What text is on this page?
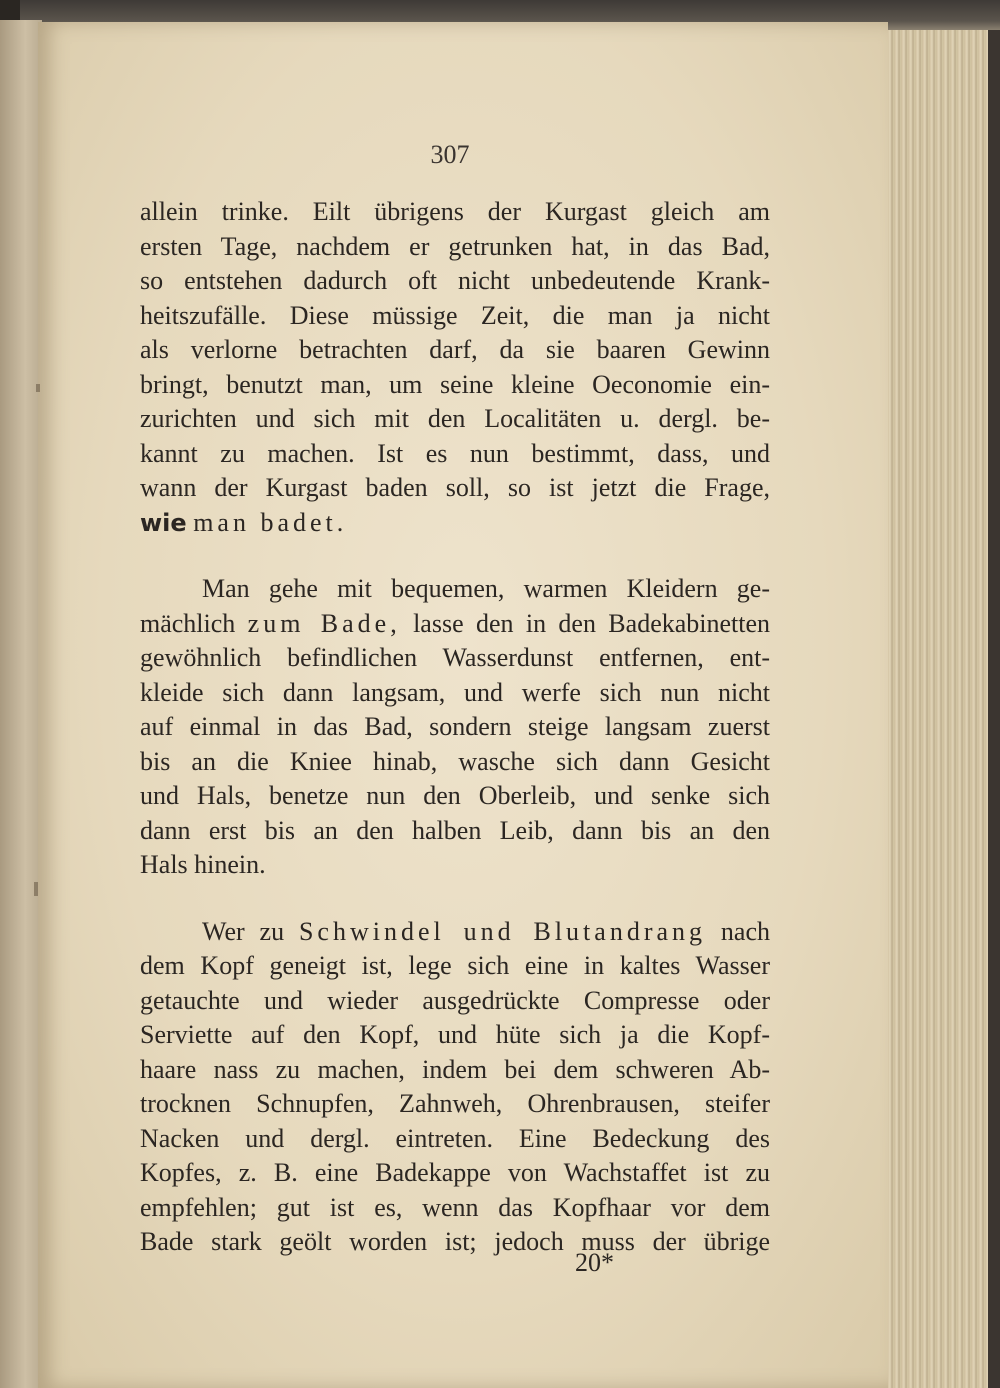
307
allein trinke. Eilt übrigens der Kurgast gleich am
ersten Tage, nachdem er getrunken hat, in das Bad,
so entstehen dadurch oft nicht unbedeutende Krank-
heitszufälle. Diese müssige Zeit, die man ja nicht
als verlorne betrachten darf, da sie baaren Gewinn
bringt, benutzt man, um seine kleine Oeconomie ein-
zurichten und sich mit den Localitäten u. dergl. be-
kannt zu machen. Ist es nun bestimmt, dass, und
wann der Kurgast baden soll, so ist jetzt die Frage,
wie man badet.
Man gehe mit bequemen, warmen Kleidern ge-
mächlich zum Bade, lasse den in den Badekabinetten
gewöhnlich befindlichen Wasserdunst entfernen, ent-
kleide sich dann langsam, und werfe sich nun nicht
auf einmal in das Bad, sondern steige langsam zuerst
bis an die Kniee hinab, wasche sich dann Gesicht
und Hals, benetze nun den Oberleib, und senke sich
dann erst bis an den halben Leib, dann bis an den
Hals hinein.
Wer zu Schwindel und Blutandrang nach
dem Kopf geneigt ist, lege sich eine in kaltes Wasser
getauchte und wieder ausgedrückte Compresse oder
Serviette auf den Kopf, und hüte sich ja die Kopf-
haare nass zu machen, indem bei dem schweren Ab-
trocknen Schnupfen, Zahnweh, Ohrenbrausen, steifer
Nacken und dergl. eintreten. Eine Bedeckung des
Kopfes, z. B. eine Badekappe von Wachstaffet ist zu
empfehlen; gut ist es, wenn das Kopfhaar vor dem
Bade stark geölt worden ist; jedoch muss der übrige
20*
